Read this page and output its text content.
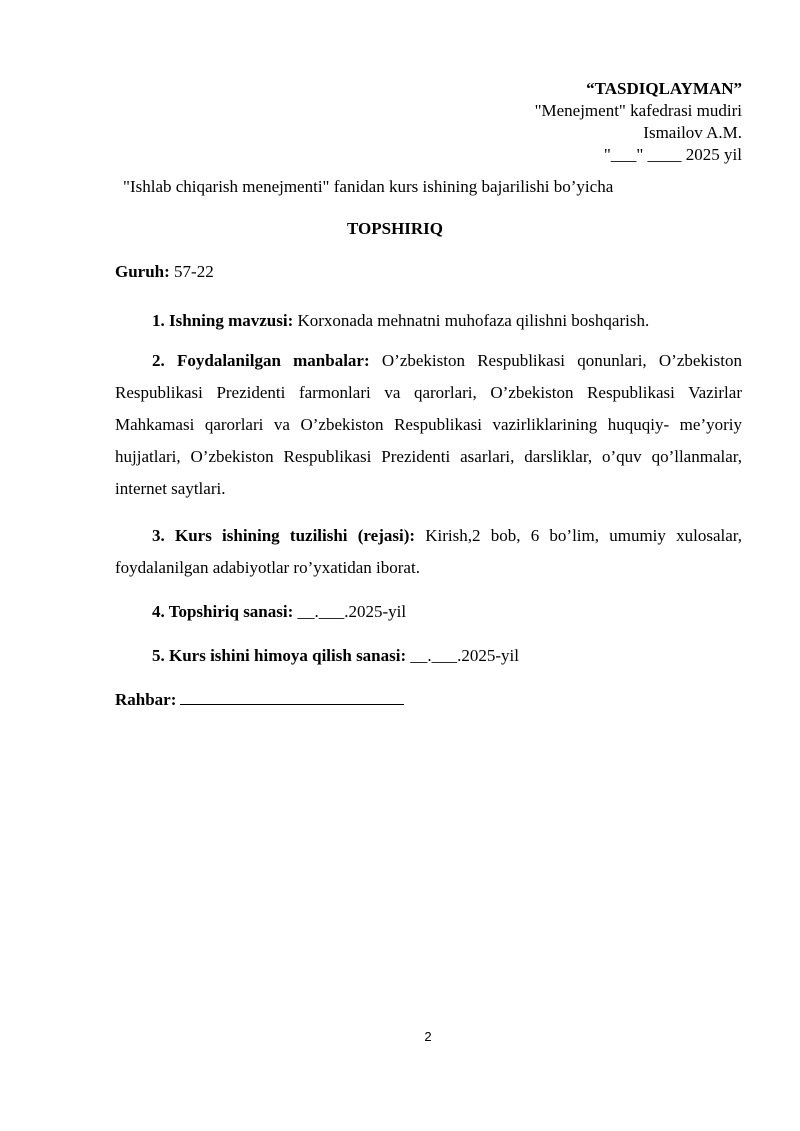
“TASDIQLAYMAN”
"Menejment" kafedrasi mudiri
Ismailov A.M.
"___" ____ 2025 yil
"Ishlab chiqarish menejmenti" fanidan kurs ishining bajarilishi bo’yicha
TOPSHIRIQ
Guruh: 57-22

1. Ishning mavzusi: Korxonada mehnatni muhofaza qilishni boshqarish.

2. Foydalanilgan manbalar: O’zbekiston Respublikasi qonunlari, O’zbekiston Respublikasi Prezidenti farmonlari va qarorlari, O’zbekiston Respublikasi Vazirlar Mahkamasi qarorlari va O’zbekiston Respublikasi vazirliklarining huquqiy- me’yoriy hujjatlari, O’zbekiston Respublikasi Prezidenti asarlari, darsliklar, o’quv qo’llanmalar, internet saytlari.

3. Kurs ishining tuzilishi (rejasi): Kirish,2 bob, 6 bo’lim, umumiy xulosalar, foydalanilgan adabiyotlar ro’yxatidan iborat.

4. Topshiriq sanasi: __.___.2025-yil

5. Kurs ishini himoya qilish sanasi: __.___.2025-yil

Rahbar:
2
